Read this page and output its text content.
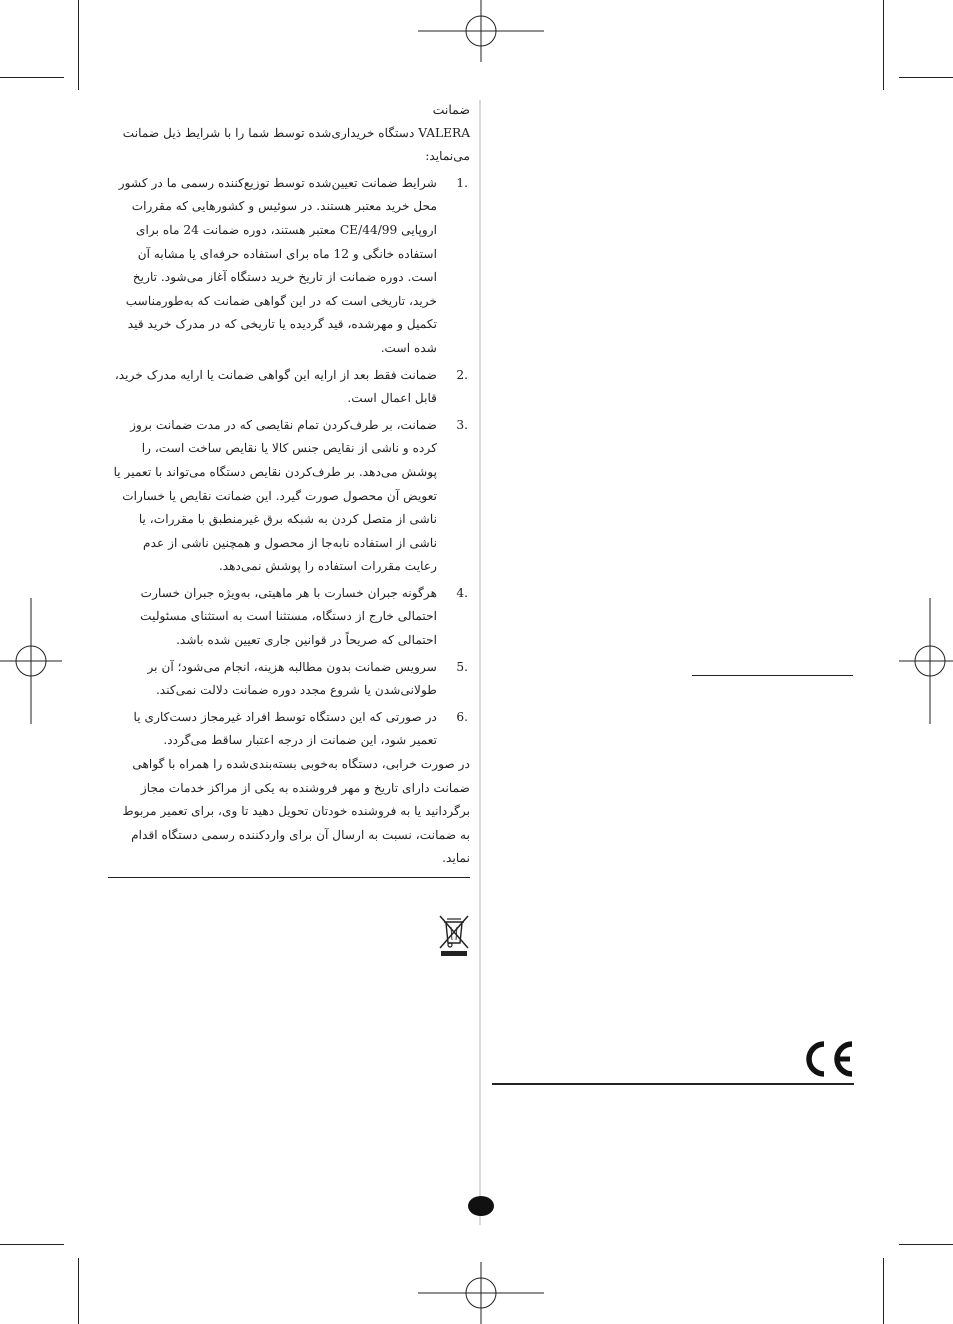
ضمانت

VALERA دستگاه خریداری‌شده توسط شما را با شرایط ذیل ضمانت می‌نماید:

.1
شرایط ضمانت تعیین‌شده توسط توزیع‌کننده رسمی ما در کشور محل خرید معتبر هستند. در سوئیس و کشورهایی که مقررات اروپایی 44/99/CE معتبر هستند، دوره ضمانت 24 ماه برای استفاده خانگی و 12 ماه برای استفاده حرفه‌ای یا مشابه آن است. دوره ضمانت از تاریخ خرید دستگاه آغاز می‌شود. تاریخ خرید، تاریخی است که در این گواهی ضمانت که به‌طورمناسب تکمیل و مهرشده، قید گردیده یا تاریخی که در مدرک خرید قید شده است.
.2
ضمانت فقط بعد از ارایه این گواهی ضمانت یا ارایه مدرک خرید، قابل اعمال است.
.3
ضمانت، بر طرف‌کردن تمام نقایصی که در مدت ضمانت بروز کرده و ناشی از نقایص جنس کالا یا نقایص ساخت است، را پوشش می‌دهد. بر طرف‌کردن نقایص دستگاه می‌تواند با تعمیر یا تعویض آن محصول صورت گیرد. این ضمانت نقایص یا خسارات ناشی از متصل کردن به شبکه برق غیرمنطبق با مقررات، یا ناشی از استفاده نابه‌جا از محصول و همچنین ناشی از عدم رعایت مقررات استفاده را پوشش نمی‌دهد.
.4
هرگونه جبران خسارت با هر ماهیتی، به‌ویژه جبران خسارت احتمالی خارج از دستگاه، مستثنا است به استثنای مسئولیت احتمالی که صریحاً در قوانین جاری تعیین شده باشد.
.5
سرویس ضمانت بدون مطالبه هزینه، انجام می‌شود؛ آن بر طولانی‌شدن یا شروع مجدد دوره ضمانت دلالت نمی‌کند.
.6
در صورتی که این دستگاه توسط افراد غیرمجاز دست‌کاری یا تعمیر شود، این ضمانت از درجه اعتبار ساقط می‌گردد.

در صورت خرابی، دستگاه به‌خوبی بسته‌بندی‌شده را همراه با گواهی ضمانت دارای تاریخ و مهر فروشنده به یکی از مراکز خدمات مجاز برگردانید یا به فروشنده خودتان تحویل دهید تا وی، برای تعمیر مربوط به ضمانت، نسبت به ارسال آن برای واردکننده رسمی دستگاه اقدام نماید.
